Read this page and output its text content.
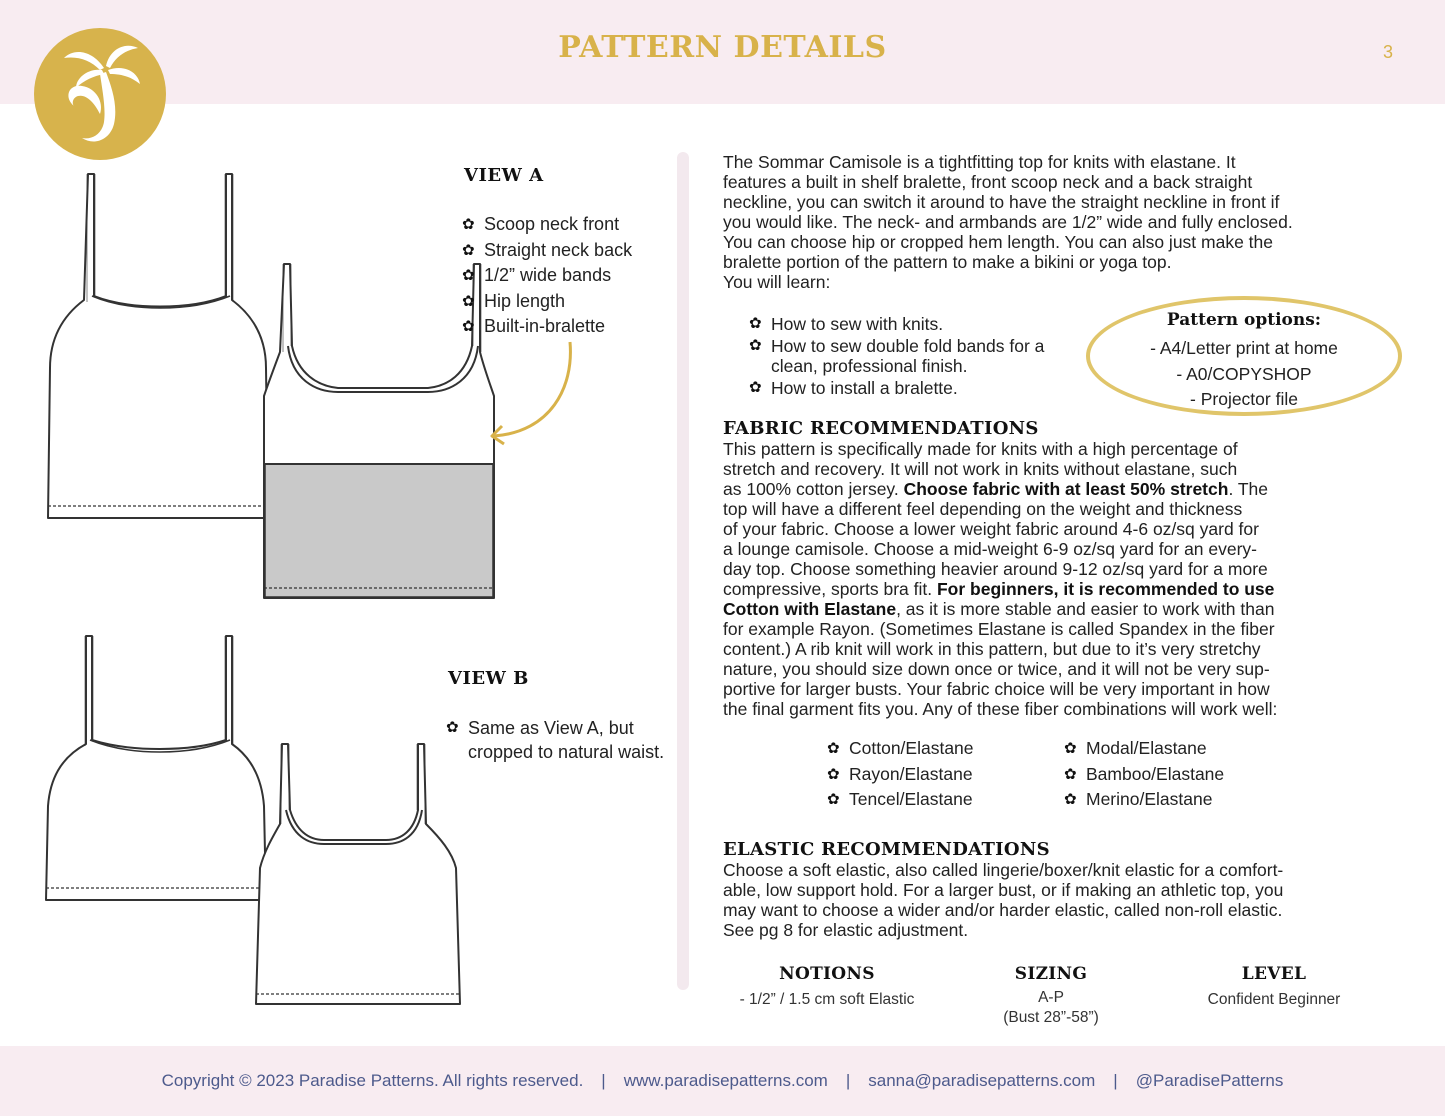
PATTERN DETAILS	3
VIEW A
✿ Scoop neck front
✿ Straight neck back
✿ 1/2” wide bands
✿ Hip length
✿ Built-in-bralette
VIEW B
✿ Same as View A, but cropped to natural waist.
The Sommar Camisole is a tightfitting top for knits with elastane. It
features a built in shelf bralette, front scoop neck and a back straight
neckline, you can switch it around to have the straight neckline in front if
you would like. The neck- and armbands are 1/2” wide and fully enclosed.
You can choose hip or cropped hem length. You can also just make the
bralette portion of the pattern to make a bikini or yoga top.
You will learn:
✿ How to sew with knits.
✿ How to sew double fold bands for a clean, professional finish.
✿ How to install a bralette.
Pattern options:
- A4/Letter print at home
- A0/COPYSHOP
- Projector file
FABRIC RECOMMENDATIONS
This pattern is specifically made for knits with a high percentage of
stretch and recovery. It will not work in knits without elastane, such
as 100% cotton jersey. Choose fabric with at least 50% stretch. The
top will have a different feel depending on the weight and thickness
of your fabric. Choose a lower weight fabric around 4-6 oz/sq yard for
a lounge camisole. Choose a mid-weight 6-9 oz/sq yard for an every-
day top. Choose something heavier around 9-12 oz/sq yard for a more
compressive, sports bra fit. For beginners, it is recommended to use
Cotton with Elastane, as it is more stable and easier to work with than
for example Rayon. (Sometimes Elastane is called Spandex in the fiber
content.) A rib knit will work in this pattern, but due to it’s very stretchy
nature, you should size down once or twice, and it will not be very sup-
portive for larger busts. Your fabric choice will be very important in how
the final garment fits you. Any of these fiber combinations will work well:
✿ Cotton/Elastane
✿ Rayon/Elastane
✿ Tencel/Elastane
✿ Modal/Elastane
✿ Bamboo/Elastane
✿ Merino/Elastane
ELASTIC RECOMMENDATIONS
Choose a soft elastic, also called lingerie/boxer/knit elastic for a comfort-
able, low support hold. For a larger bust, or if making an athletic top, you
may want to choose a wider and/or harder elastic, called non-roll elastic.
See pg 8 for elastic adjustment.
NOTIONS
- 1/2” / 1.5 cm soft Elastic
SIZING
A-P
(Bust 28”-58”)
LEVEL
Confident Beginner
Copyright © 2023 Paradise Patterns. All rights reserved. | www.paradisepatterns.com | sanna@paradisepatterns.com | @ParadisePatterns
